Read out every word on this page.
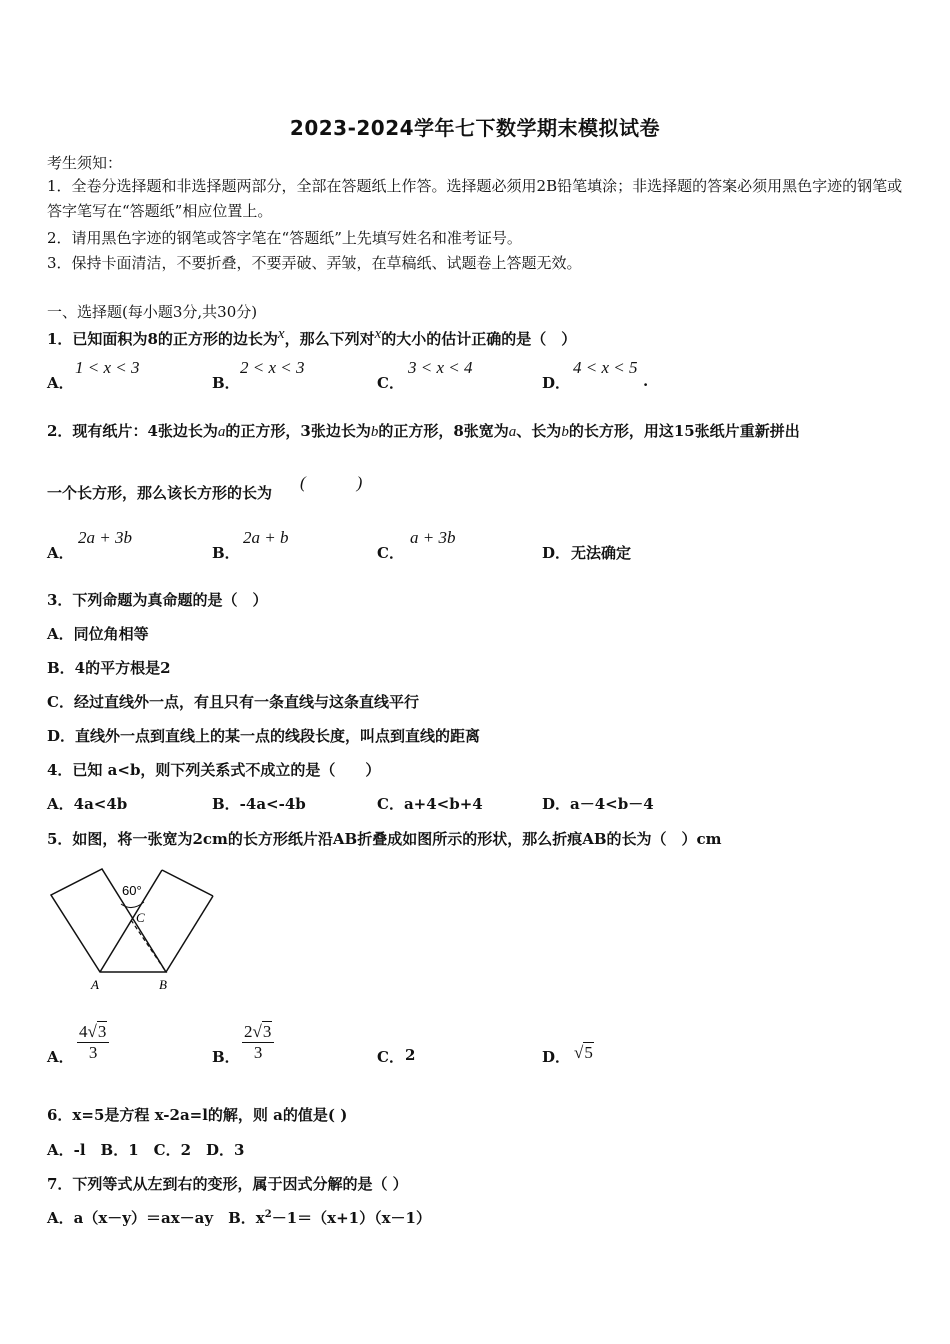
2023-2024学年七下数学期末模拟试卷
考生须知：
1．全卷分选择题和非选择题两部分，全部在答题纸上作答。选择题必须用2B铅笔填涂；非选择题的答案必须用黑色字迹的钢笔或答字笔写在“答题纸”相应位置上。
2．请用黑色字迹的钢笔或答字笔在“答题纸”上先填写姓名和准考证号。
3．保持卡面清洁，不要折叠，不要弄破、弄皱，在草稿纸、试题卷上答题无效。
一、选择题(每小题3分,共30分)
1．已知面积为8的正方形的边长为$^x$，那么下列对$^x$的大小的估计正确的是（　）
A．
1 < x < 3
B．
2 < x < 3
C．
3 < x < 4
D．
4 < x < 5
.
2．现有纸片：4张边长为a的正方形，3张边长为b的正方形，8张宽为a、长为b的长方形，用这15张纸片重新拼出
一个长方形，那么该长方形的长为
(　　　)
A．
2a + 3b
B．
2a + b
C．
a + 3b
D． 无法确定
3．下列命题为真命题的是（　）
A．同位角相等
B．4的平方根是2
C．经过直线外一点，有且只有一条直线与这条直线平行
D．直线外一点到直线上的某一点的线段长度，叫点到直线的距离
4．已知 a<b，则下列关系式不成立的是（　　）
A．4a<4b	B．-4a<-4b	C．a+4<b+4	D．a－4<b－4
5．如图，将一张宽为2cm的长方形纸片沿AB折叠成如图所示的形状，那么折痕AB的长为（　）cm
60°
C
A	B
A． $\frac{4√3}{3}$	B． $\frac{2√3}{3}$	C． 2	D． √5
6．x=5是方程 x-2a=l的解，则 a的值是( )
A．-l　B．1　C．2　D．3
7．下列等式从左到右的变形，属于因式分解的是（ ）
A．a（x－y）＝ax－ay　B．$x^2-1=(x+1)(x-1)$
